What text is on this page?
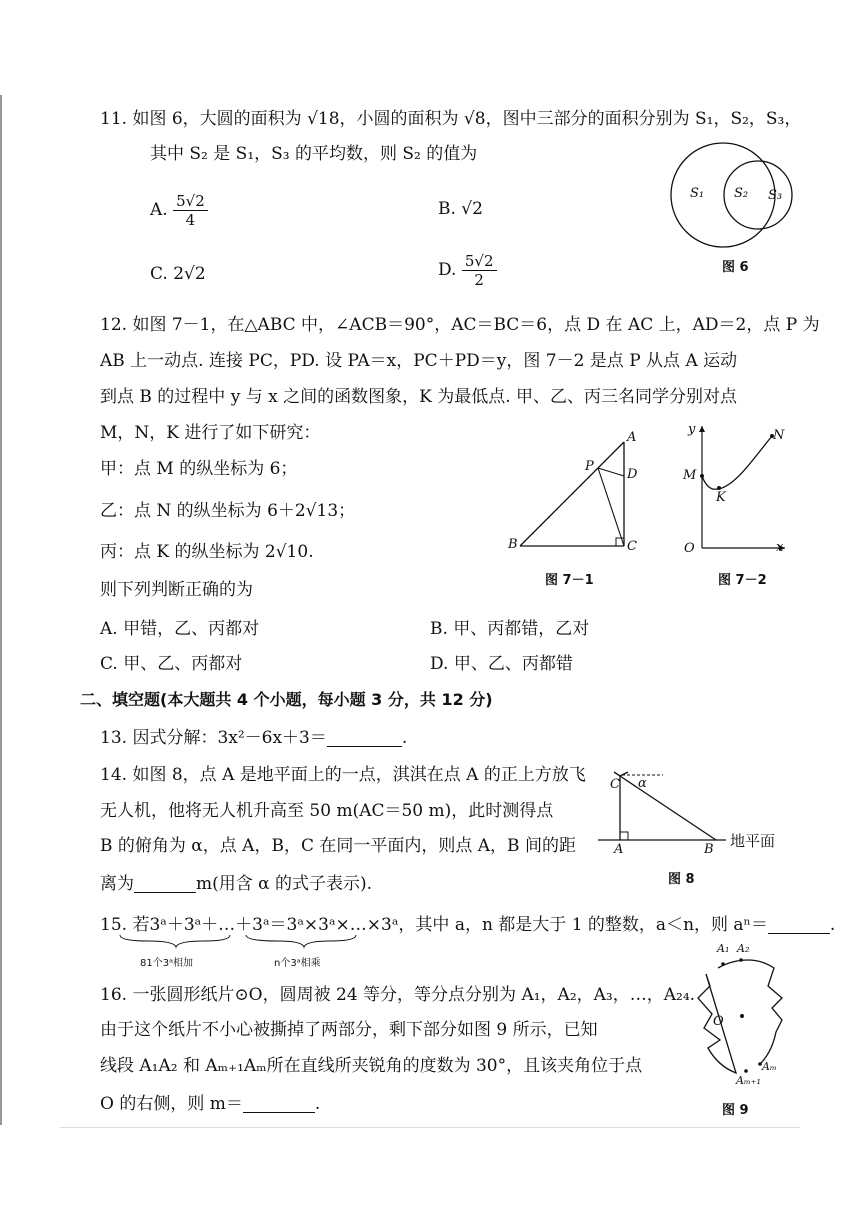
11. 如图 6，大圆的面积为 √18，小圆的面积为 √8，图中三部分的面积分别为 S₁，S₂，S₃，
其中 S₂ 是 S₁，S₃ 的平均数，则 S₂ 的值为
A. $\frac{5√2}{4}$	B. √2
C. 2√2	D. $\frac{5√2}{2}$
S₁ S₂ S₃
图 6
12. 如图 7－1，在△ABC 中，∠ACB＝90°，AC＝BC＝6，点 D 在 AC 上，AD＝2，点 P 为
AB 上一动点. 连接 PC，PD. 设 PA＝x，PC＋PD＝y，图 7－2 是点 P 从点 A 运动
到点 B 的过程中 y 与 x 之间的函数图象，K 为最低点. 甲、乙、丙三名同学分别对点
M，N，K 进行了如下研究：
甲：点 M 的纵坐标为 6；
乙：点 N 的纵坐标为 6＋2√13；
丙：点 K 的纵坐标为 2√10.
则下列判断正确的为
A. 甲错，乙、丙都对	B. 甲、丙都错，乙对
C. 甲、乙、丙都对	D. 甲、乙、丙都错
A
P
D
B	C
图 7－1
y	N
M
K
O	x
图 7－2
二、填空题(本大题共 4 个小题，每小题 3 分，共 12 分)
13. 因式分解：3x²－6x＋3＝	.
14. 如图 8，点 A 是地平面上的一点，淇淇在点 A 的正上方放飞
无人机，他将无人机升高至 50 m(AC＝50 m)，此时测得点
B 的俯角为 α，点 A，B，C 在同一平面内，则点 A，B 间的距
离为	m(用含 α 的式子表示).
C α
A	B 地平面
图 8
15. 若3ᵃ＋3ᵃ＋…＋3ᵃ＝3ᵃ×3ᵃ×…×3ᵃ，其中 a，n 都是大于 1 的整数，a＜n，则 aⁿ＝	.
81个3ᵃ相加	n个3ᵃ相乘
16. 一张圆形纸片⊙O，圆周被 24 等分，等分点分别为 A₁，A₂，A₃，…，A₂₄.
由于这个纸片不小心被撕掉了两部分，剩下部分如图 9 所示，已知
线段 A₁A₂ 和 Aₘ₊₁Aₘ所在直线所夹锐角的度数为 30°，且该夹角位于点
O 的右侧，则 m＝	.
A₁ A₂
O
Aₘ
Aₘ₊₁
图 9
